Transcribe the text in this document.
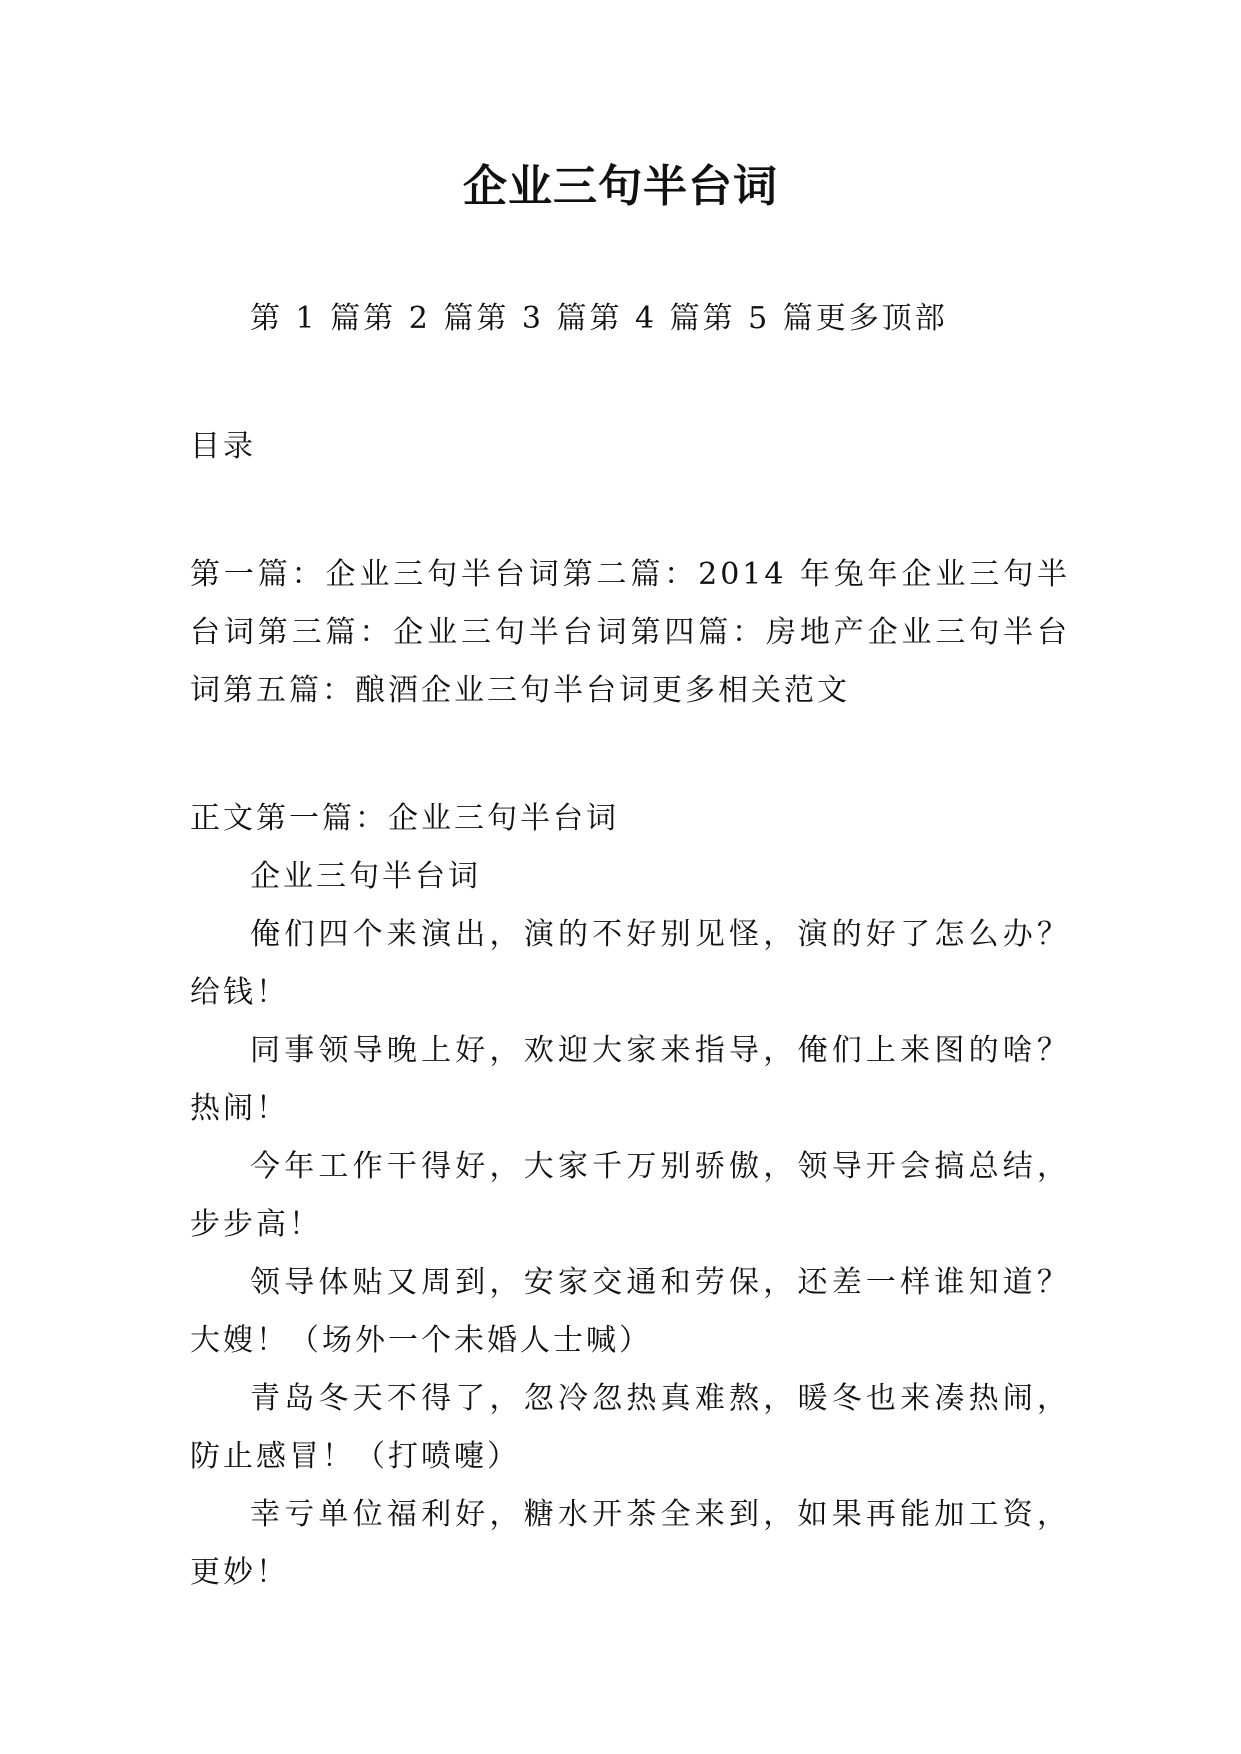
企业三句半台词

第 1 篇第 2 篇第 3 篇第 4 篇第 5 篇更多顶部

目录

第一篇：企业三句半台词第二篇：2014 年兔年企业三句半台词第三篇：企业三句半台词第四篇：房地产企业三句半台词第五篇：酿酒企业三句半台词更多相关范文

正文第一篇：企业三句半台词

企业三句半台词

俺们四个来演出，演的不好别见怪，演的好了怎么办？给钱！

同事领导晚上好，欢迎大家来指导，俺们上来图的啥？热闹！

今年工作干得好，大家千万别骄傲，领导开会搞总结，步步高！

领导体贴又周到，安家交通和劳保，还差一样谁知道？大嫂！（场外一个未婚人士喊）

青岛冬天不得了，忽冷忽热真难熬，暖冬也来凑热闹，防止感冒！（打喷嚏）

幸亏单位福利好，糖水开茶全来到，如果再能加工资，更妙！
